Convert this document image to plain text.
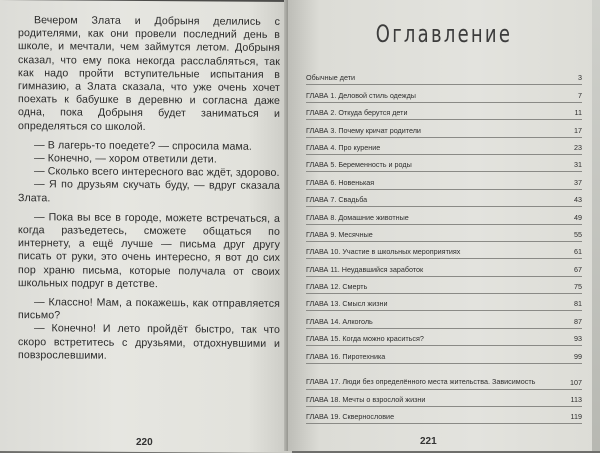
Вечером Злата и Добрыня делились с родителями, как они провели последний день в школе, и мечтали, чем займутся летом. Добрыня сказал, что ему пока некогда расслабляться, так как надо пройти вступительные испытания в гимназию, а Злата сказала, что уже очень хочет поехать к бабушке в деревню и согласна даже одна, пока Добрыня будет заниматься и определяться со школой.

— В лагерь-то поедете? — спросила мама.

— Конечно, — хором ответили дети.

— Сколько всего интересного вас ждёт, здорово.

— Я по друзьям скучать буду, — вдруг сказала Злата.

— Пока вы все в городе, можете встречаться, а когда разъедетесь, сможете общаться по интернету, а ещё лучше — письма друг другу писать от руки, это очень интересно, я вот до сих пор храню письма, которые получала от своих школьных подруг в детстве.

— Классно! Мам, а покажешь, как отправляется письмо?

— Конечно! И лето пройдёт быстро, так что скоро встретитесь с друзьями, отдохнувшими и повзрослевшими.

220
Оглавление
Обычные дети	3
ГЛАВА 1. Деловой стиль одежды	7
ГЛАВА 2. Откуда берутся дети	11
ГЛАВА 3. Почему кричат родители	17
ГЛАВА 4. Про курение	23
ГЛАВА 5. Беременность и роды	31
ГЛАВА 6. Новенькая	37
ГЛАВА 7. Свадьба	43
ГЛАВА 8. Домашние животные	49
ГЛАВА 9. Месячные	55
ГЛАВА 10. Участие в школьных мероприятиях	61
ГЛАВА 11. Неудавшийся заработок	67
ГЛАВА 12. Смерть	75
ГЛАВА 13. Смысл жизни	81
ГЛАВА 14. Алкоголь	87
ГЛАВА 15. Когда можно краситься?	93
ГЛАВА 16. Пиротехника	99
ГЛАВА 17. Люди без определённого места жительства. Зависимость	107
ГЛАВА 18. Мечты о взрослой жизни	113
ГЛАВА 19. Сквернословие	119
221
